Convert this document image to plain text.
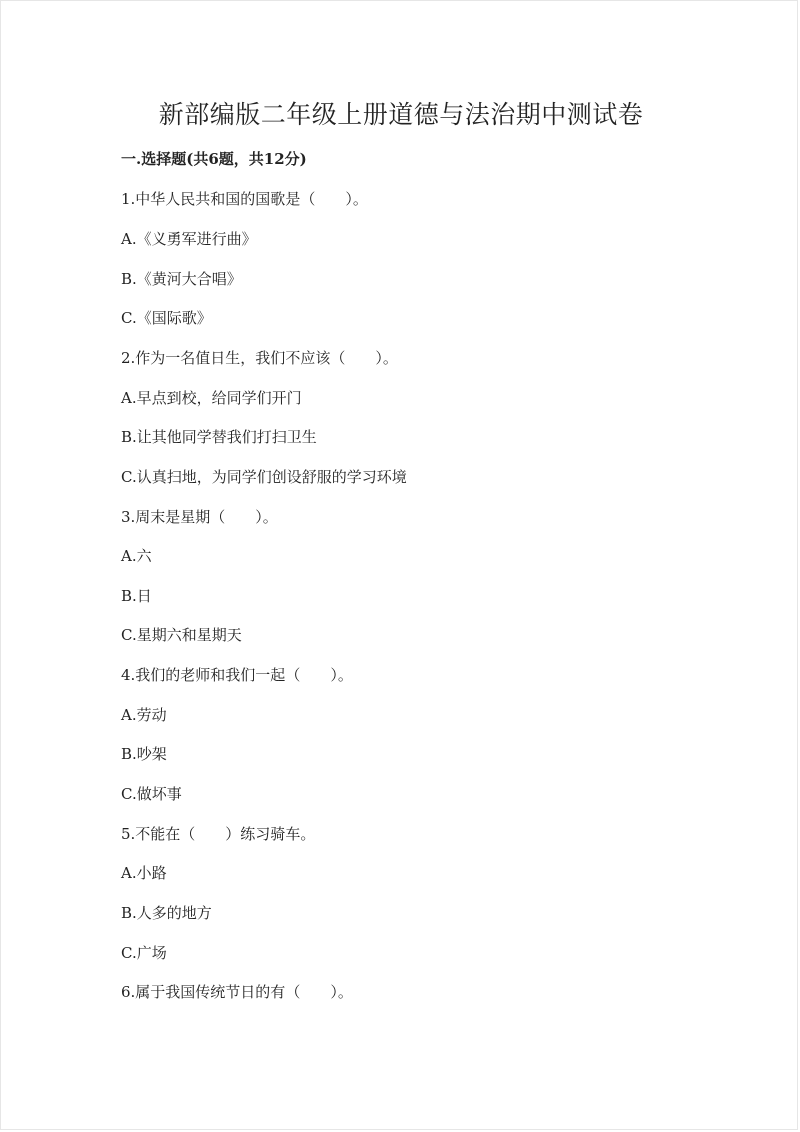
新部编版二年级上册道德与法治期中测试卷
一.选择题(共6题，共12分)

1.中华人民共和国的国歌是（　　）。

A.《义勇军进行曲》

B.《黄河大合唱》

C.《国际歌》

2.作为一名值日生，我们不应该（　　）。

A.早点到校，给同学们开门

B.让其他同学替我们打扫卫生

C.认真扫地，为同学们创设舒服的学习环境

3.周末是星期（　　）。

A.六

B.日

C.星期六和星期天

4.我们的老师和我们一起（　　）。

A.劳动

B.吵架

C.做坏事

5.不能在（　　）练习骑车。

A.小路

B.人多的地方

C.广场

6.属于我国传统节日的有（　　）。
